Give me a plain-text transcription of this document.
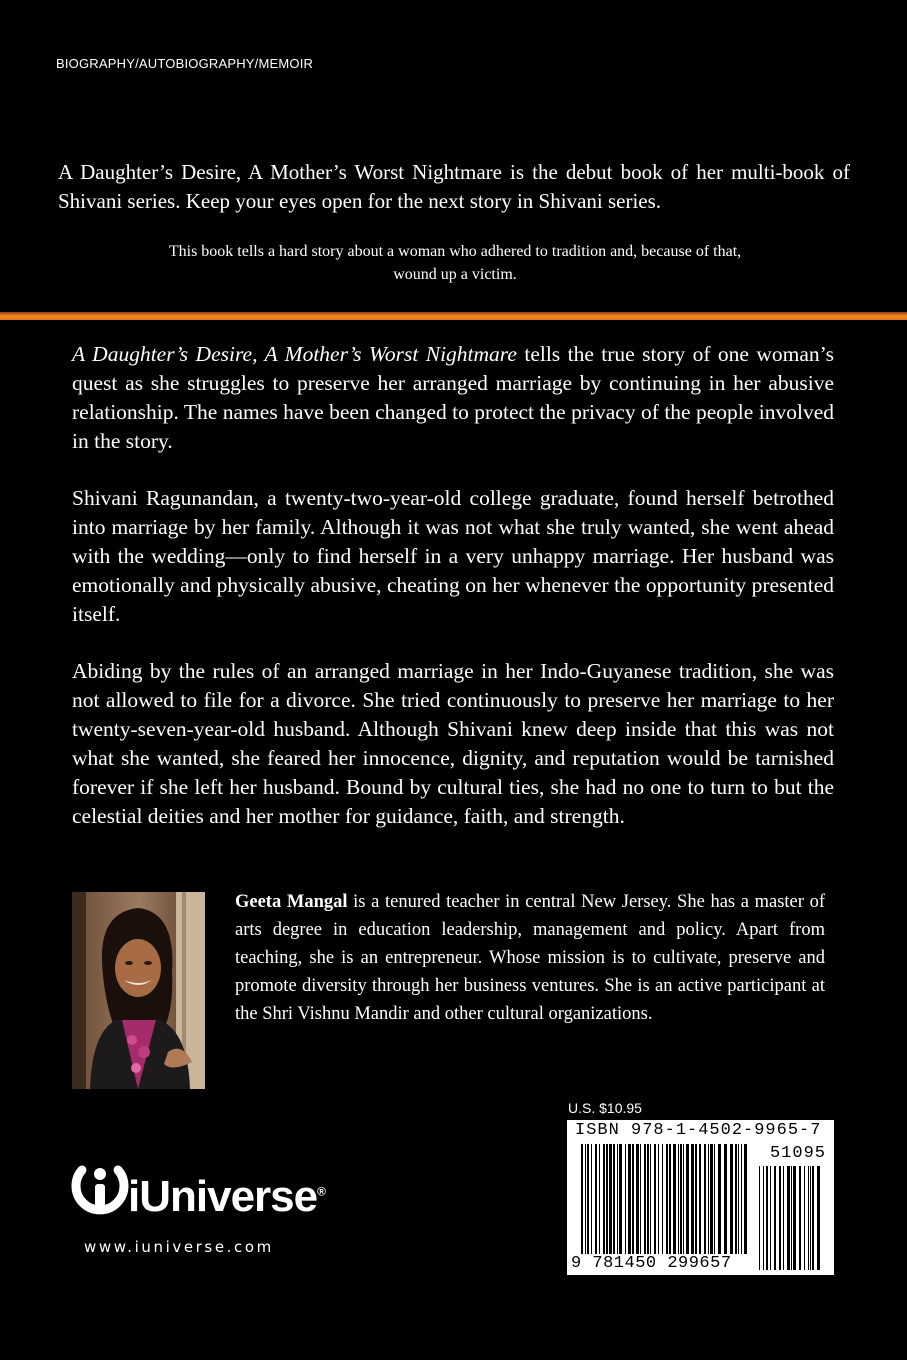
BIOGRAPHY/AUTOBIOGRAPHY/MEMOIR
A Daughter’s Desire, A Mother’s Worst Nightmare is the debut book of her multi-book of Shivani series. Keep your eyes open for the next story in Shivani series.
This book tells a hard story about a woman who adhered to tradition and, because of that,
wound up a victim.

A Daughter’s Desire, A Mother’s Worst Nightmare tells the true story of one woman’s quest as she struggles to preserve her arranged marriage by continuing in her abusive relationship. The names have been changed to protect the privacy of the people involved in the story.

Shivani Ragunandan, a twenty-two-year-old college graduate, found herself betrothed into marriage by her family. Although it was not what she truly wanted, she went ahead with the wedding—only to find herself in a very unhappy marriage. Her husband was emotionally and physically abusive, cheating on her whenever the opportunity presented itself.

Abiding by the rules of an arranged marriage in her Indo-Guyanese tradition, she was not allowed to file for a divorce. She tried continuously to preserve her marriage to her twenty-seven-year-old husband. Although Shivani knew deep inside that this was not what she wanted, she feared her innocence, dignity, and reputation would be tarnished forever if she left her husband. Bound by cultural ties, she had no one to turn to but the celestial deities and her mother for guidance, faith, and strength.

Geeta Mangal is a tenured teacher in central New Jersey. She has a master of arts degree in education leadership, management and policy. Apart from teaching, she is an entrepreneur. Whose mission is to cultivate, preserve and promote diversity through her business ventures. She is an active participant at the Shri Vishnu Mandir and other cultural organizations.
U.S. $10.95
ISBN 978-1-4502-9965-7
51095
9 781450 299657
iUniverse®
www.iuniverse.com
